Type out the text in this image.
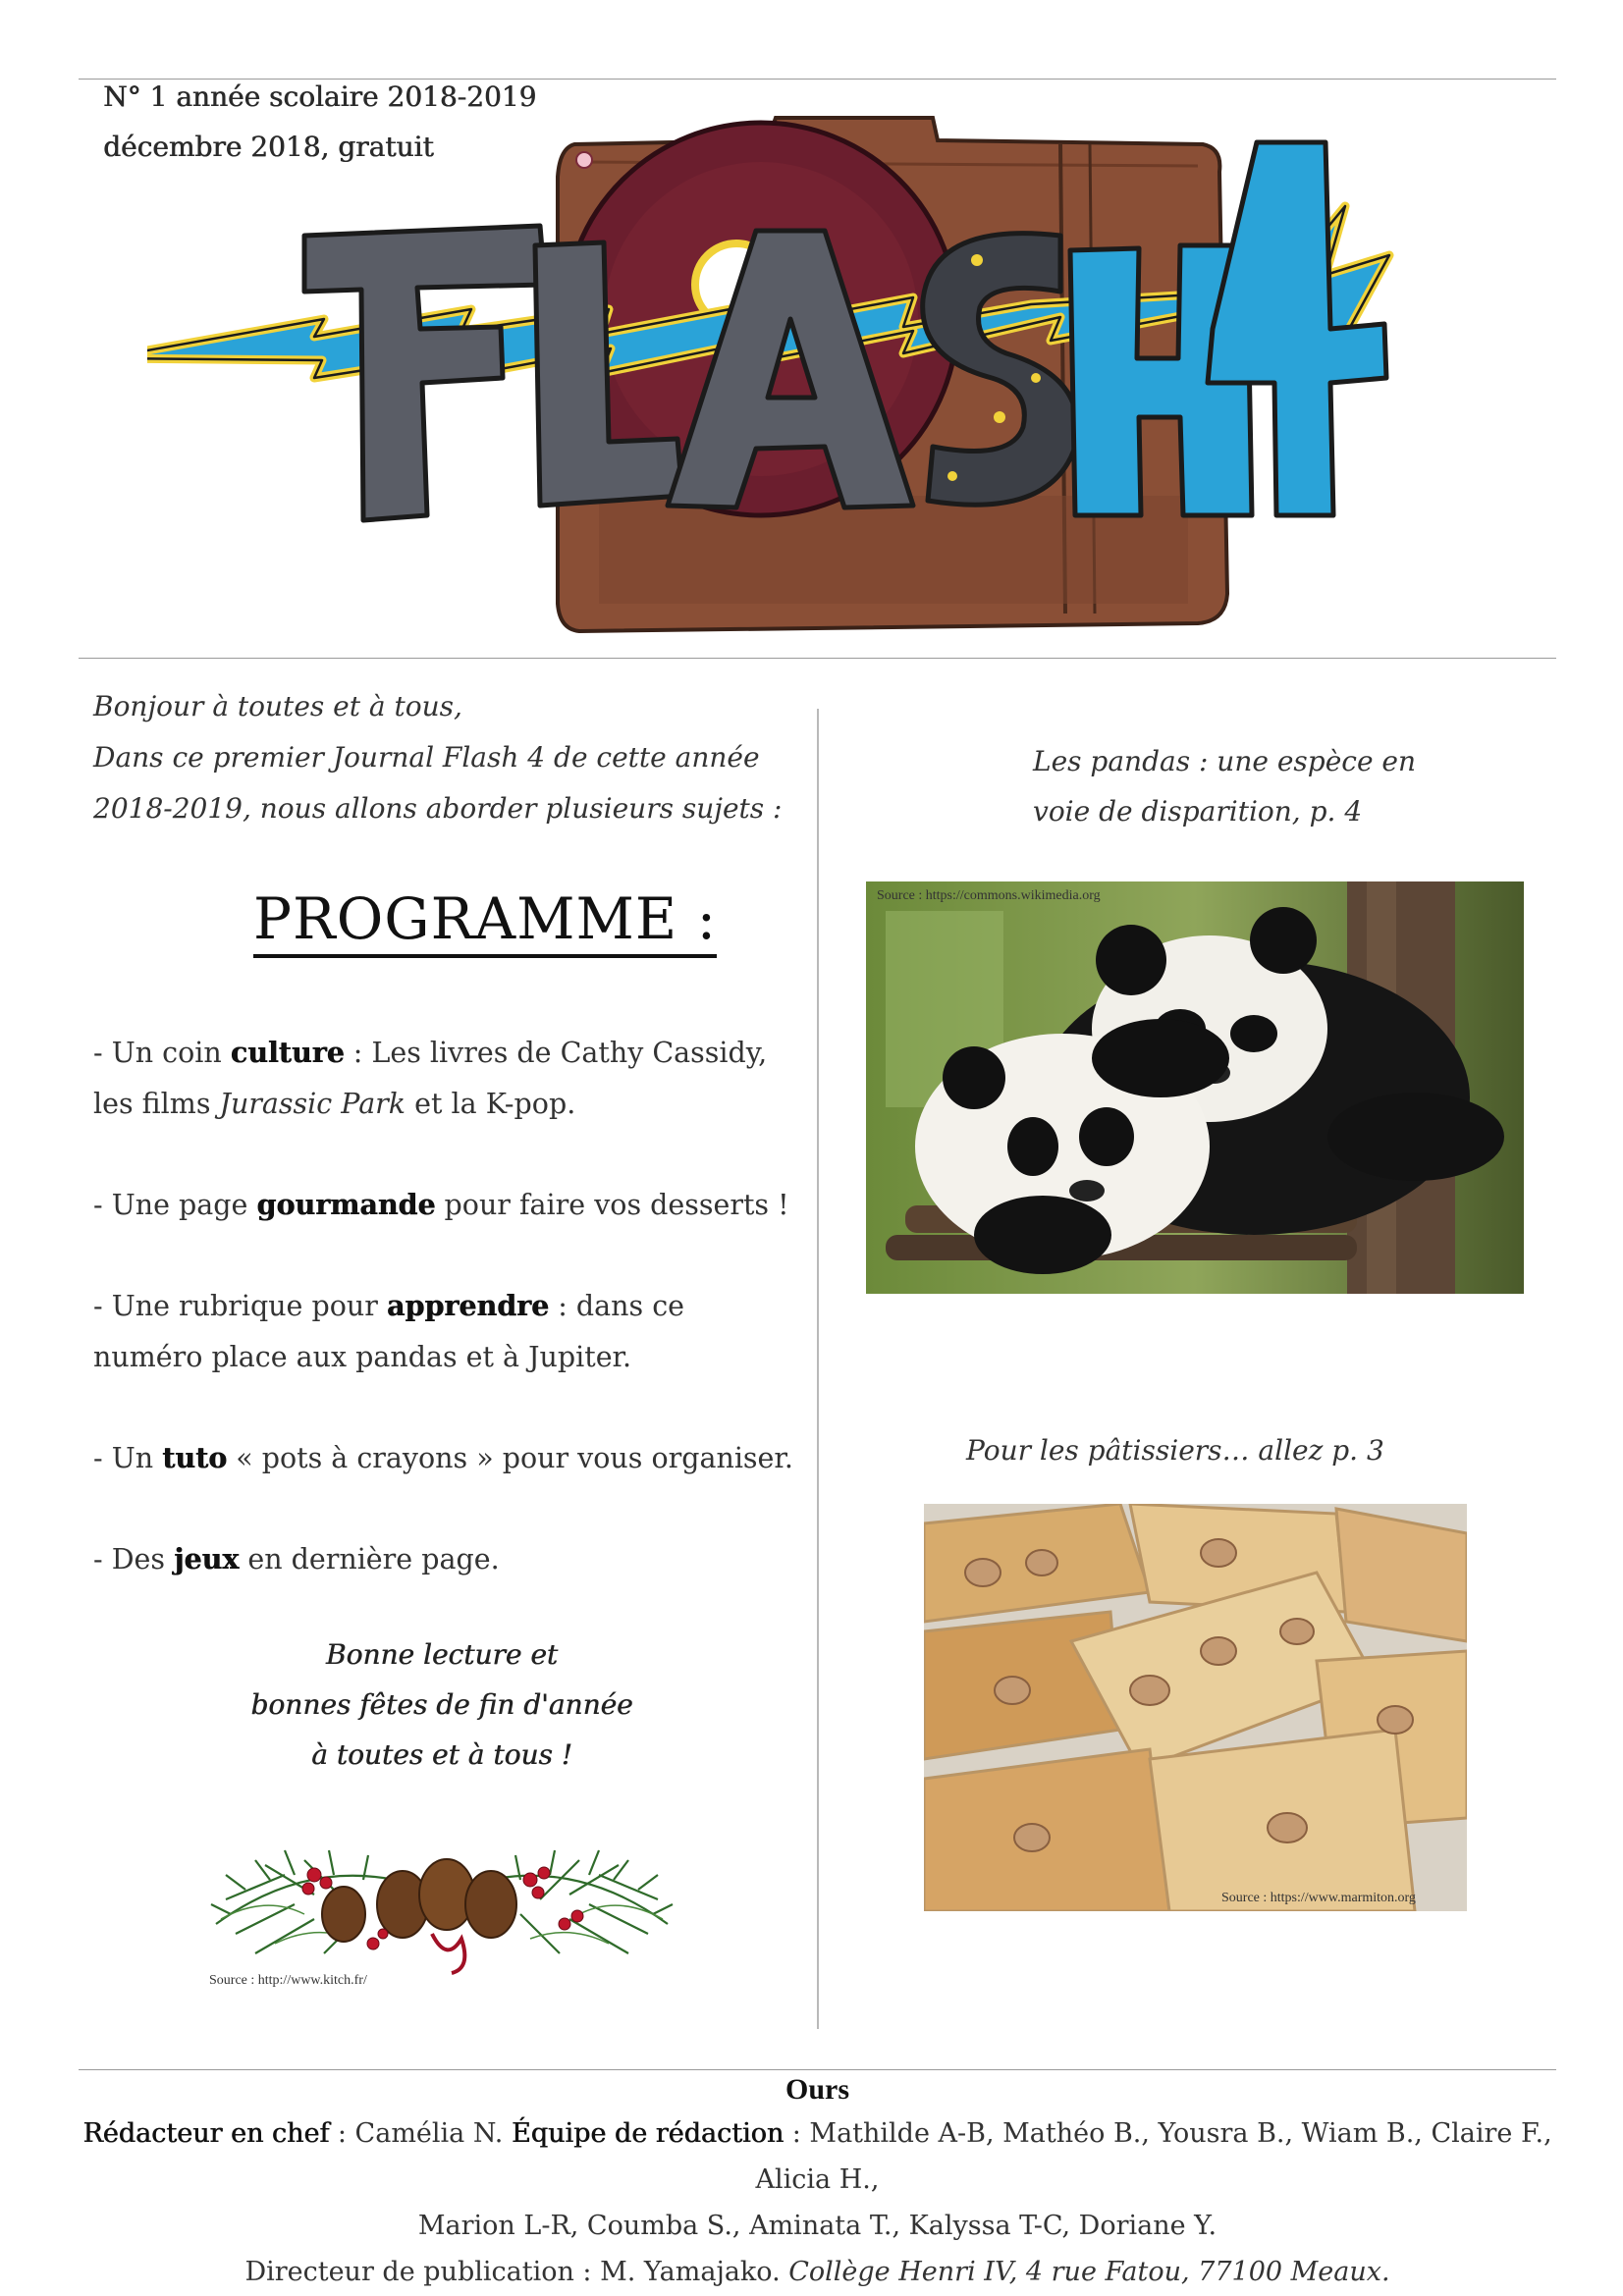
N° 1 année scolaire 2018-2019
décembre 2018, gratuit
Bonjour à toutes et à tous,
Dans ce premier Journal Flash 4 de cette année
2018-2019, nous allons aborder plusieurs sujets :
PROGRAMME :

- Un coin culture : Les livres de Cathy Cassidy, les films Jurassic Park et la K-pop.

- Une page gourmande pour faire vos desserts !

- Une rubrique pour apprendre : dans ce numéro place aux pandas et à Jupiter.

- Un tuto « pots à crayons » pour vous organiser.

- Des jeux en dernière page.

Bonne lecture et
bonnes fêtes de fin d'année
à toutes et à tous !
Source : http://www.kitch.fr/
Les pandas : une espèce en
voie de disparition, p. 4
Source : https://commons.wikimedia.org
Pour les pâtissiers… allez p. 3
Source : https://www.marmiton.org
Ours
Rédacteur en chef : Camélia N. Équipe de rédaction : Mathilde A-B, Mathéo B., Yousra B., Wiam B., Claire F., Alicia H.,
Marion L-R, Coumba S., Aminata T., Kalyssa T-C, Doriane Y.
Directeur de publication : M. Yamajako. Collège Henri IV, 4 rue Fatou, 77100 Meaux.
